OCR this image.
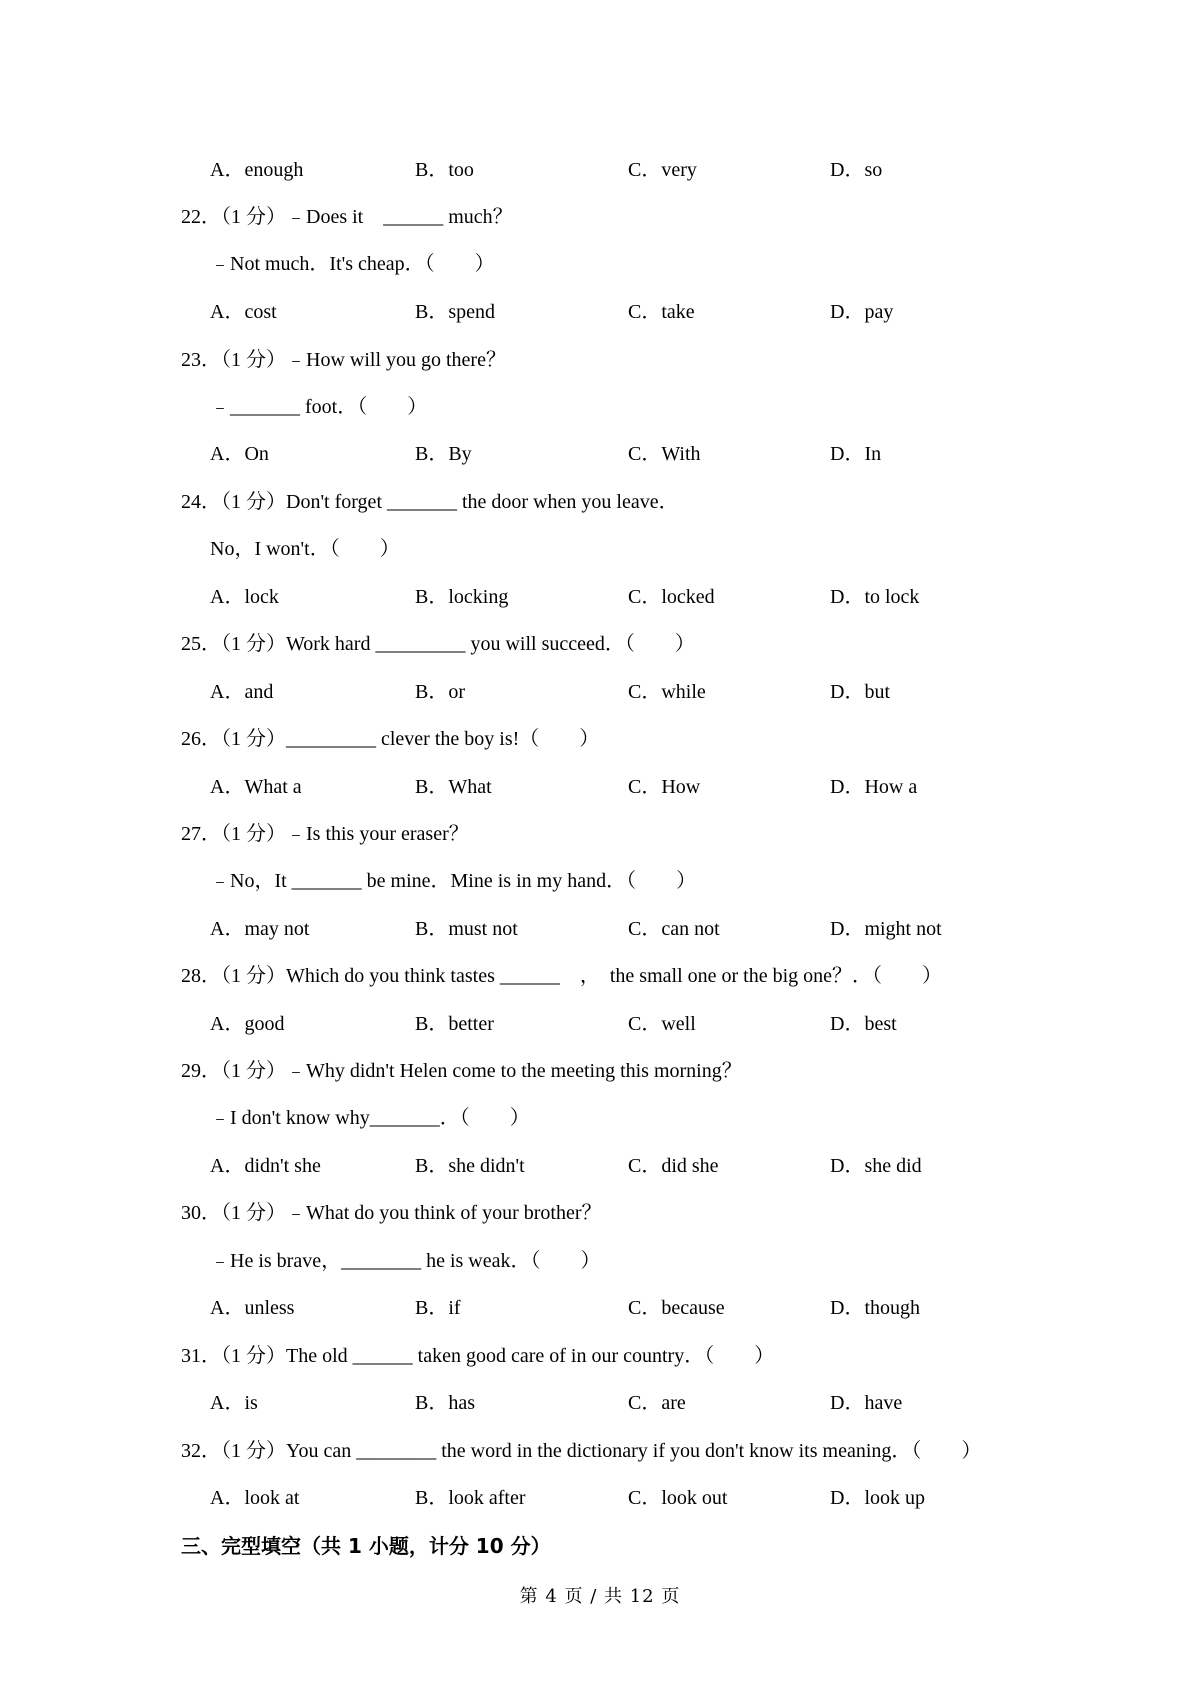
A．enough	B．too	C．very	D．so
22．（1 分）﹣Does it　______ much？
﹣Not much．It's cheap．（　　）
A．cost	B．spend	C．take	D．pay
23．（1 分）﹣How will you go there？
﹣_______ foot．（　　）
A．On	B．By	C．With	D．In
24．（1 分）Don't forget _______ the door when you leave．
No，I won't．（　　）
A．lock	B．locking	C．locked	D．to lock
25．（1 分）Work hard _________ you will succeed．（　　）
A．and	B．or	C．while	D．but
26．（1 分）_________ clever the boy is!（　　）
A．What a	B．What	C．How	D．How a
27．（1 分）﹣Is this your eraser？
﹣No，It _______ be mine．Mine is in my hand．（　　）
A．may not	B．must not	C．can not	D．might not
28．（1 分）Which do you think tastes ______　，　the small one or the big one？．（　　）
A．good	B．better	C．well	D．best
29．（1 分）﹣Why didn't Helen come to the meeting this morning？
﹣I don't know why_______．（　　）
A．didn't she	B．she didn't	C．did she	D．she did
30．（1 分）﹣What do you think of your brother？
﹣He is brave，________ he is weak．（　　）
A．unless	B．if	C．because	D．though
31．（1 分）The old ______ taken good care of in our country．（　　）
A．is	B．has	C．are	D．have
32．（1 分）You can ________ the word in the dictionary if you don't know its meaning．（　　）
A．look at	B．look after	C．look out	D．look up
三、完型填空（共 1 小题，计分 10 分）
第 4 页 / 共 12 页
